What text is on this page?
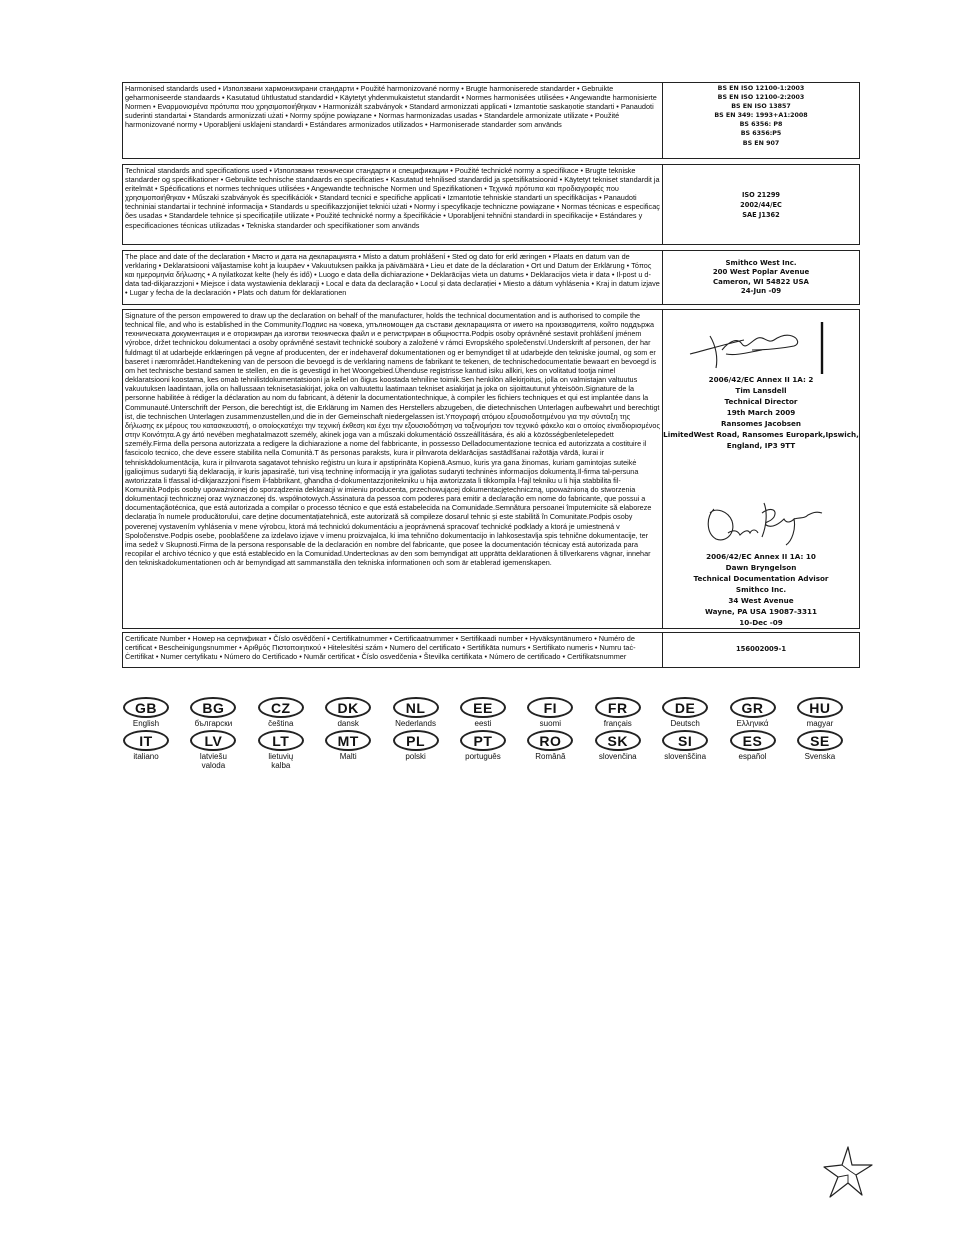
Harmonised standards used • Използвани хармонизирани стандарти • Použité harmonizované normy • Brugte harmoniserede standarder • Gebruikte geharmoniseerde standaards • Kasutatud ühtlustatud standardid • Käytetyt yhdenmukaistetut standardit • Normes harmonisées utilisées • Angewandte harmonisierte Normen • Εναρμονισμένα πρότυπα που χρησιμοποιήθηκαν • Harmonizált szabványok • Standard armonizzati applicati • Izmantotie saskaņotie standarti • Panaudoti suderinti standartai • Standards armonizzati użati • Normy spójne powiązane • Normas harmonizadas usadas • Standardele armonizate utilizate • Použité harmonizované normy • Uporabljeni usklajeni standardi • Estándares armonizados utilizados • Harmoniserade standarder som används
BS EN ISO 12100-1:2003
BS EN ISO 12100-2:2003
BS EN ISO 13857
BS EN 349: 1993+A1:2008
BS 6356: P8
BS 6356:P5
BS EN 907
Technical standards and specifications used • Използвани технически стандарти и спецификации • Použité technické normy a specifikace • Brugte tekniske standarder og specifikationer • Gebruikte technische standaards en specificaties • Kasutatud tehnilised standardid ja spetsifikatsioonid • Käytetyt tekniset standardit ja eritelmät • Spécifications et normes techniques utilisées • Angewandte technische Normen und Spezifikationen • Τεχνικά πρότυπα και προδιαγραφές που χρησιμοποιήθηκαν • Műszaki szabványok és specifikációk • Standard tecnici e specifiche applicati • Izmantotie tehniskie standarti un specifikācijas • Panaudoti techniniai standartai ir techninė informacija • Standards u specifikazzjonijiet tekniċi użati • Normy i specyfikacje techniczne powiązane • Normas técnicas e especificaç ões usadas • Standardele tehnice și specificațiile utilizate • Použité technické normy a špecifikácie • Uporabljeni tehnični standardi in specifikacije • Estándares y especificaciones técnicas utilizadas • Tekniska standarder och specifikationer som används
ISO 21299
2002/44/EC
SAE J1362
The place and date of the declaration • Място и дата на декларацията • Místo a datum prohlášení • Sted og dato for erkl æringen • Plaats en datum van de verklaring • Deklaratsiooni väljastamise koht ja kuupäev • Vakuutuksen paikka ja päivämäärä • Lieu et date de la déclaration • Ort und Datum der Erklärung • Τόπος και ημερομηνία δήλωσης • A nyilatkozat kelte (hely és idő) • Luogo e data della dichiarazione • Deklarācijas vieta un datums • Deklaracijos vieta ir data • Il-post u d-data tad-dikjarazzjoni • Miejsce i data wystawienia deklaracji • Local e data da declaração • Locul și data declarației • Miesto a dátum vyhlásenia • Kraj in datum izjave • Lugar y fecha de la declaración • Plats och datum för deklarationen
Smithco West Inc.
200 West Poplar Avenue
Cameron, WI 54822 USA
24-Jun -09
Signature of the person empowered to draw up the declaration on behalf of the manufacturer, holds the technical documentation and is authorised to compile the technical file, and who is established in the Community.Подпис на човека, упълномощен да състави декларацията от името на производителя, който поддържа техническата документация и е оторизиран да изготви техническа файл и е регистриран в общността.Podpis osoby oprávněné sestavit prohlášení jménem výrobce, držet technickou dokumentaci a osoby oprávněné sestavit technické soubory a založené v rámci Evropského společenství.Underskrift af personen, der har fuldmagt til at udarbejde erklæringen på vegne af producenten, der er indehaveraf dokumentationen og er bemyndiget til at udarbejde den tekniske journal, og som er baseret i nærområdet.Handtekening van de persoon die bevoegd is de verklaring namens de fabrikant te tekenen, de technischedocumentatie bewaart en bevoegd is om het technische bestand samen te stellen, en die is gevestigd in het Woongebied.Ühenduse registrisse kantud isiku allkiri, kes on volitatud tootja nimel deklaratsiooni koostama, kes omab tehnilistdokumentatsiooni ja kellel on õigus koostada tehniline toimik.Sen henkilön allekirjoitus, jolla on valmistajan valtuutus vakuutuksen laadintaan, jolla on hallussaan teknisetasiakirjat, joka on valtuutettu laatimaan tekniset asiakirjat ja joka on sijoittautunut yhteisöön.Signature de la personne habilitée à rédiger la déclaration au nom du fabricant, à détenir la documentationtechnique, à compiler les fichiers techniques et qui est implantée dans la Communauté.Unterschrift der Person, die berechtigt ist, die Erklärung im Namen des Herstellers abzugeben, die dietechnischen Unterlagen aufbewahrt und berechtigt ist, die technischen Unterlagen zusammenzustellen,und die in der Gemeinschaft niedergelassen ist.Υπογραφή ατόμου εξουσιοδοτημένου για την σύνταξη της δήλωσης εκ μέρους του κατασκευαστή, ο οποίοςκατέχει την τεχνική έκθεση και έχει την εξουσιοδότηση να ταξινομήσει τον τεχνικό φάκελο και ο οποίος είναιδιορισμένος στην Κοινότητα.A gy ártó nevében meghatalmazott személy, akinek joga van a műszaki dokumentáció összeállítására, és aki a közösségbenletelepedett személy.Firma della persona autorizzata a redigere la dichiarazione a nome del fabbricante, in possesso Delladocumentazione tecnica ed autorizzata a costituire il fascicolo tecnico, che deve essere stabilita nella Comunità.T ās personas paraksts, kura ir pilnvarota deklarācijas sastādīšanai ražotāja vārdā, kurai ir tehniskādokumentācija, kura ir pilnvarota sagatavot tehnisko reģistru un kura ir apstiprināta Kopienā.Asmuo, kuris yra gana žinomas, kuriam gamintojas suteikė įgaliojimus sudaryti šią deklaraciją, ir kuris japasirašė, turi visą techninę informaciją ir yra įgaliotas sudaryti techninės informacijos dokumentą.Il-firma tal-persuna awtorizzata li tfassal id-dikjarazzjoni f'isem il-fabbrikant, għandha d-dokumentazzjonitekniku u hija awtorizzata li tikkompila l-fajl tekniku u li hija stabbilita fil-Komunità.Podpis osoby upoważnionej do sporządzenia deklaracji w imieniu producenta, przechowującej dokumentacjętechniczną, upoważnioną do stworzenia dokumentacji technicznej oraz wyznaczonej ds. współnotowych.Assinatura da pessoa com poderes para emitir a declaração em nome do fabricante, que possui a documentaçãotécnica, que está autorizada a compilar o processo técnico e que está estabelecida na Comunidade.Semnătura persoanei împuternicite să elaboreze declarația în numele producătorului, care deține documentațiatehnică, este autorizată să compileze dosarul tehnic și este stabilită în Comunitate.Podpis osoby poverenej vystavením vyhlásenia v mene výrobcu, ktorá má technickú dokumentáciu a jeoprávnená spracovať technické podklady a ktorá je umiestnená v Spoločenstve.Podpis osebe, pooblaščene za izdelavo izjave v imenu proizvajalca, ki ima tehnično dokumentacijo in lahkosestavlja spis tehnične dokumentacije, ter ima sedež v Skupnosti.Firma de la persona responsable de la declaración en nombre del fabricante, que posee la documentación técnicay está autorizada para recopilar el archivo técnico y que está establecido en la Comunidad.Undertecknas av den som bemyndigat att upprätta deklarationen å tillverkarens vägnar, innehar den tekniskadokumentationen och är bemyndigad att sammanställa den tekniska informationen och som är etablerad igemenskapen.
2006/42/EC Annex II 1A: 2
Tim Lansdell
Technical Director
19th March 2009
Ransomes Jacobsen
LimitedWest Road, Ransomes Europark,Ipswich,
England, IP3 9TT
2006/42/EC Annex II 1A: 10
Dawn Bryngelson
Technical Documentation Advisor
Smithco Inc.
34 West Avenue
Wayne, PA USA 19087-3311
10-Dec -09
Certificate Number • Номер на сертификат • Číslo osvědčení • Certifikatnummer • Certificaatnummer • Sertifikaadi number • Hyväksyntänumero • Numéro de certificat • Bescheinigungsnummer • Αριθμός Πιστοποιητικού • Hitelesítési szám • Numero del certificato • Sertifikāta numurs • Sertifikato numeris • Numru taċ-Ċertifikat • Numer certyfikatu • Número do Certificado • Număr certificat • Číslo osvedčenia • Številka certifikata • Número de certificado • Certifikatsnummer
156002009-1
GB
English
BG
български
CZ
čeština
DK
dansk
NL
Nederlands
EE
eesti
FI
suomi
FR
français
DE
Deutsch
GR
Ελληνικά
HU
magyar
IT
italiano
LV
latviešu valoda
LT
lietuvių kalba
MT
Malti
PL
polski
PT
português
RO
Română
SK
slovenčina
SI
slovenščina
ES
español
SE
Svenska
